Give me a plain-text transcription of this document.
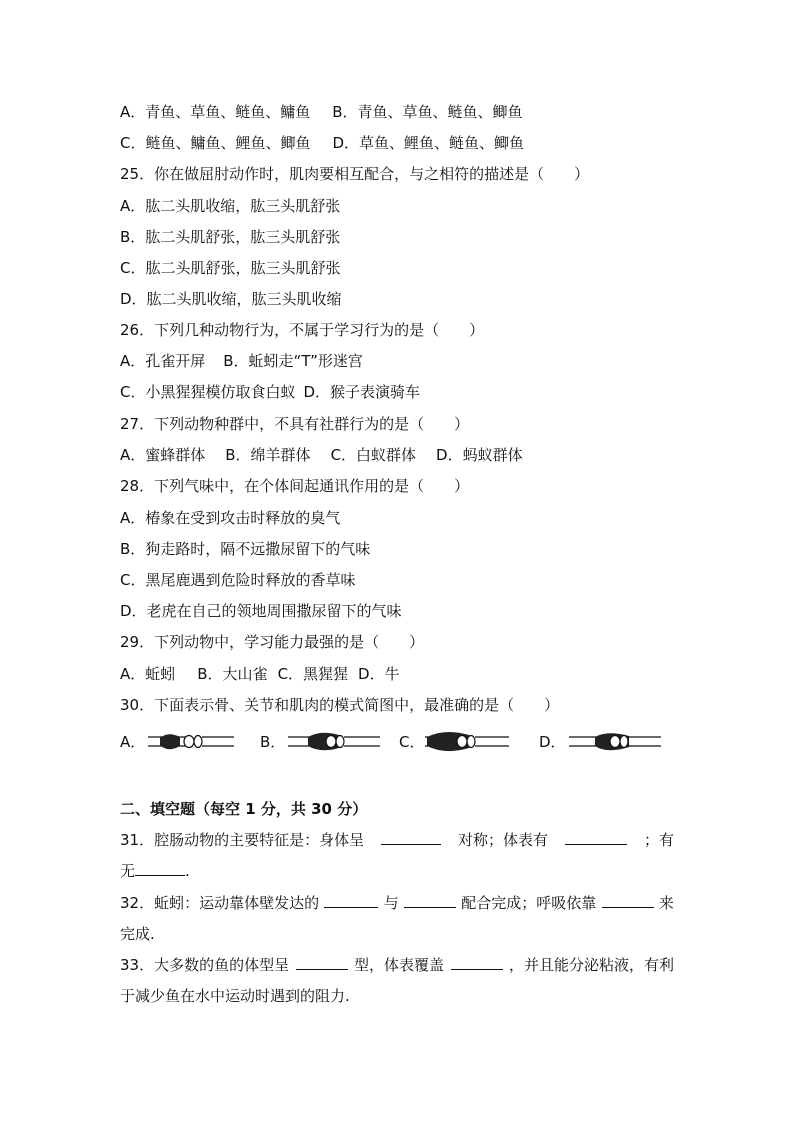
A．青鱼、草鱼、鲢鱼、鳙鱼 B．青鱼、草鱼、鲢鱼、鲫鱼
C．鲢鱼、鳙鱼、鲤鱼、鲫鱼 D．草鱼、鲤鱼、鲢鱼、鲫鱼
25．你在做屈肘动作时，肌肉要相互配合，与之相符的描述是（　　）
A．肱二头肌收缩，肱三头肌舒张
B．肱二头肌舒张，肱三头肌舒张
C．肱二头肌舒张，肱三头肌舒张
D．肱二头肌收缩，肱三头肌收缩
26．下列几种动物行为，不属于学习行为的是（　　）
A．孔雀开屏 B．蚯蚓走“T”形迷宫
C．小黑猩猩模仿取食白蚁 D．猴子表演骑车
27．下列动物种群中，不具有社群行为的是（　　）
A．蜜蜂群体 B．绵羊群体 C．白蚁群体 D．蚂蚁群体
28．下列气味中，在个体间起通讯作用的是（　　）
A．椿象在受到攻击时释放的臭气
B．狗走路时，隔不远撒尿留下的气味
C．黑尾鹿遇到危险时释放的香草味
D．老虎在自己的领地周围撒尿留下的气味
29．下列动物中，学习能力最强的是（　　）
A．蚯蚓 B．大山雀 C．黑猩猩 D．牛
30．下面表示骨、关节和肌肉的模式简图中，最准确的是（　　）
A．	B．	C．	D．
二、填空题（每空 1 分，共 30 分）
31．腔肠动物的主要特征是：身体呈	对称；体表有	；有
无	.
32．蚯蚓：运动靠体壁发达的	与	配合完成；呼吸依靠	来
完成.
33．大多数的鱼的体型呈	型，体表覆盖	，并且能分泌粘液，有利
于减少鱼在水中运动时遇到的阻力.
